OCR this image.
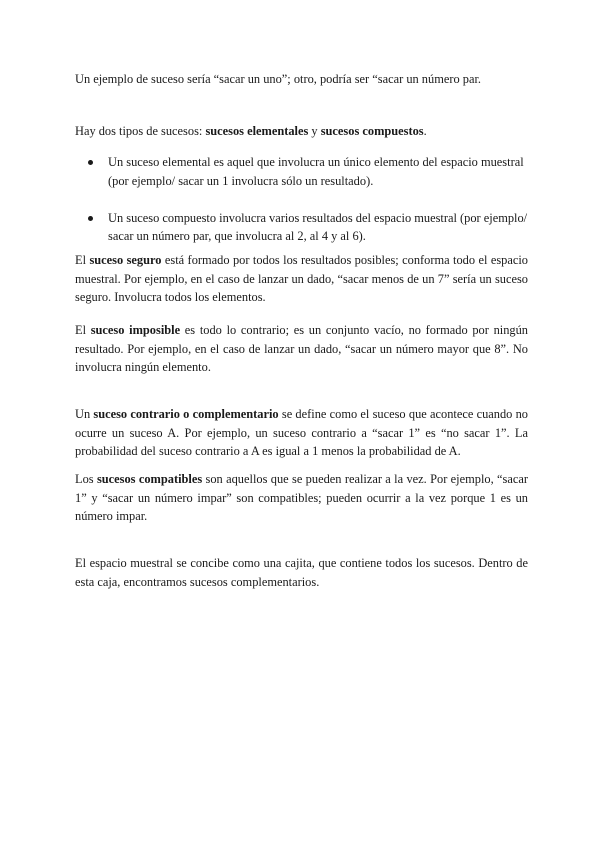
Un ejemplo de suceso sería “sacar un uno”; otro, podría ser “sacar un número par.

Hay dos tipos de sucesos: sucesos elementales y sucesos compuestos.

Un suceso elemental es aquel que involucra un único elemento del espacio muestral (por ejemplo/ sacar un 1 involucra sólo un resultado).
Un suceso compuesto involucra varios resultados del espacio muestral (por ejemplo/ sacar un número par, que involucra al 2, al 4 y al 6).

El suceso seguro está formado por todos los resultados posibles; conforma todo el espacio muestral. Por ejemplo, en el caso de lanzar un dado, “sacar menos de un 7” sería un suceso seguro. Involucra todos los elementos.

El suceso imposible es todo lo contrario; es un conjunto vacío, no formado por ningún resultado. Por ejemplo, en el caso de lanzar un dado, “sacar un número mayor que 8”. No involucra ningún elemento.

Un suceso contrario o complementario se define como el suceso que acontece cuando no ocurre un suceso A. Por ejemplo, un suceso contrario a “sacar 1” es “no sacar 1”. La probabilidad del suceso contrario a A es igual a 1 menos la probabilidad de A.

Los sucesos compatibles son aquellos que se pueden realizar a la vez. Por ejemplo, “sacar 1” y “sacar un número impar” son compatibles; pueden ocurrir a la vez porque 1 es un número impar.

El espacio muestral se concibe como una cajita, que contiene todos los sucesos. Dentro de esta caja, encontramos sucesos complementarios.
